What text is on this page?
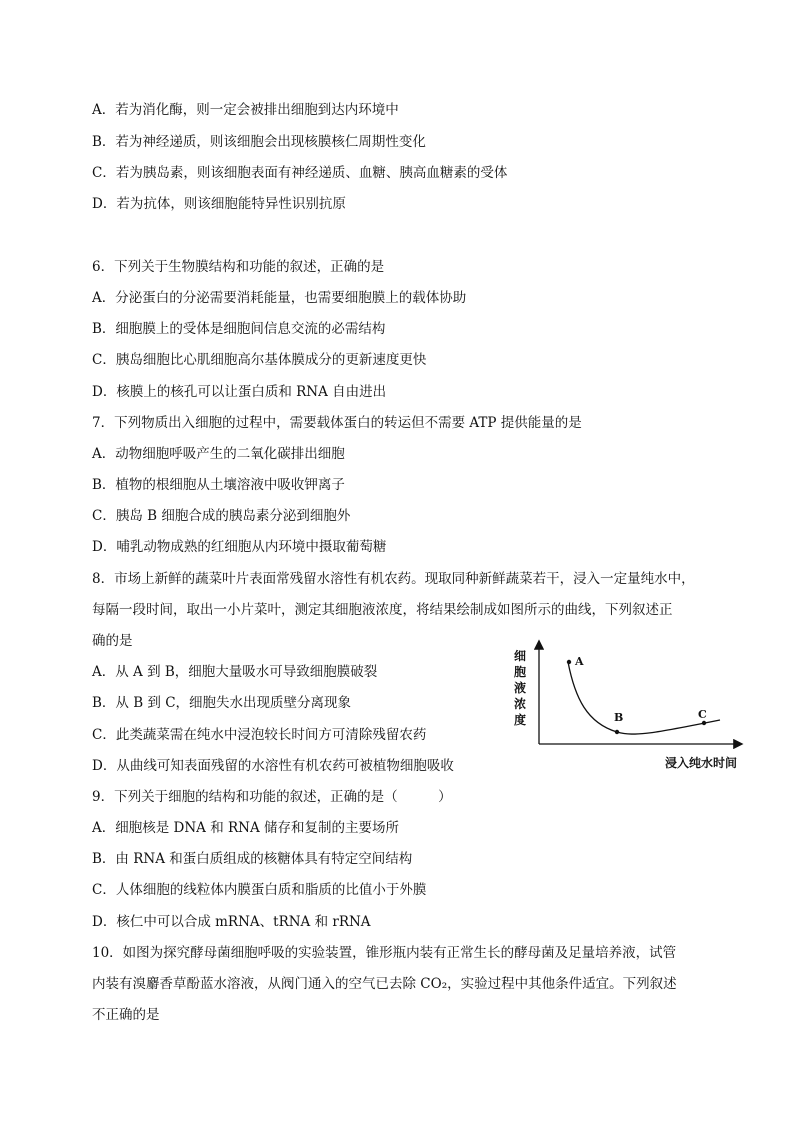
A．若为消化酶，则一定会被排出细胞到达内环境中
B．若为神经递质，则该细胞会出现核膜核仁周期性变化
C．若为胰岛素，则该细胞表面有神经递质、血糖、胰高血糖素的受体
D．若为抗体，则该细胞能特异性识别抗原
6．下列关于生物膜结构和功能的叙述，正确的是
A．分泌蛋白的分泌需要消耗能量，也需要细胞膜上的载体协助
B．细胞膜上的受体是细胞间信息交流的必需结构
C．胰岛细胞比心肌细胞高尔基体膜成分的更新速度更快
D．核膜上的核孔可以让蛋白质和 RNA 自由进出
7．下列物质出入细胞的过程中，需要载体蛋白的转运但不需要 ATP 提供能量的是
A．动物细胞呼吸产生的二氧化碳排出细胞
B．植物的根细胞从土壤溶液中吸收钾离子
C．胰岛 B 细胞合成的胰岛素分泌到细胞外
D．哺乳动物成熟的红细胞从内环境中摄取葡萄糖
8．市场上新鲜的蔬菜叶片表面常残留水溶性有机农药。现取同种新鲜蔬菜若干，浸入一定量纯水中，
每隔一段时间，取出一小片菜叶，测定其细胞液浓度，将结果绘制成如图所示的曲线，下列叙述正
确的是
A．从 A 到 B，细胞大量吸水可导致细胞膜破裂
B．从 B 到 C，细胞失水出现质壁分离现象
C．此类蔬菜需在纯水中浸泡较长时间方可清除残留农药
D．从曲线可知表面残留的水溶性有机农药可被植物细胞吸收
细
胞
液
浓
度
A
B	C
浸入纯水时间
9．下列关于细胞的结构和功能的叙述，正确的是（　　　）
A．细胞核是 DNA 和 RNA 储存和复制的主要场所
B．由 RNA 和蛋白质组成的核糖体具有特定空间结构
C．人体细胞的线粒体内膜蛋白质和脂质的比值小于外膜
D．核仁中可以合成 mRNA、tRNA 和 rRNA
10．如图为探究酵母菌细胞呼吸的实验装置，锥形瓶内装有正常生长的酵母菌及足量培养液，试管
内装有溴麝香草酚蓝水溶液，从阀门通入的空气已去除 CO₂，实验过程中其他条件适宜。下列叙述
不正确的是
